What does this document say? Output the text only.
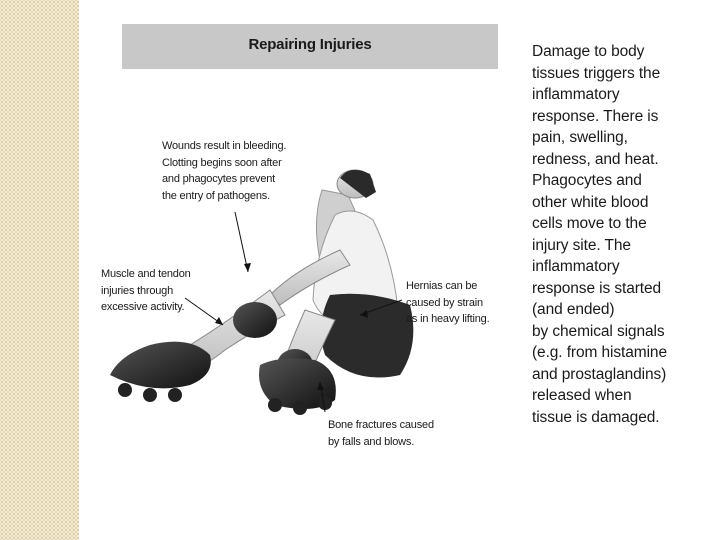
Repairing Injuries
Wounds result in bleeding.
Clotting begins soon after
and phagocytes prevent
the entry of pathogens.
Muscle and tendon
injuries through
excessive activity.
Hernias can be
caused by strain
as in heavy lifting.
Bone fractures caused
by falls and blows.
Damage to body
tissues triggers the
inflammatory
response. There is
pain, swelling,
redness, and heat.
Phagocytes and
other white blood
cells move to the
injury site. The
inflammatory
response is started
(and ended)
by chemical signals
(e.g. from histamine
and prostaglandins)
released when
tissue is damaged.
